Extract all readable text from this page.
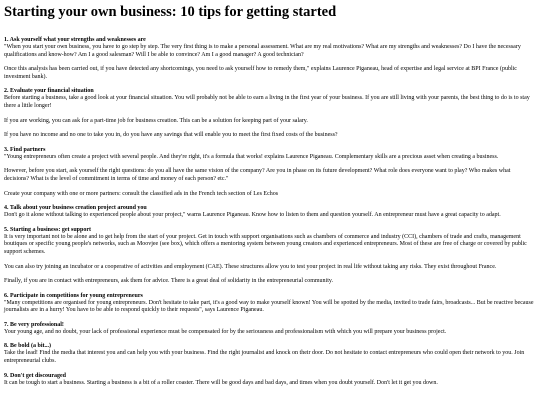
Starting your own business: 10 tips for getting started
1. Ask yourself what your strengths and weaknesses are

"When you start your own business, you have to go step by step. The very first thing is to make a personal assessment. What are my real motivations? What are my strengths and weaknesses? Do I have the necessary qualifications and know-how? Am I a good salesman? Will I be able to convince? Am I a good manager? A good technician?

Once this analysis has been carried out, if you have detected any shortcomings, you need to ask yourself how to remedy them," explains Laurence Piganeau, head of expertise and legal service at BPI France (public investment bank).

2. Evaluate your financial situation

Before starting a business, take a good look at your financial situation. You will probably not be able to earn a living in the first year of your business. If you are still living with your parents, the best thing to do is to stay there a little longer!

If you are working, you can ask for a part-time job for business creation. This can be a solution for keeping part of your salary.

If you have no income and no one to take you in, do you have any savings that will enable you to meet the first fixed costs of the business?

3. Find partners

"Young entrepreneurs often create a project with several people. And they're right, it's a formula that works! explains Laurence Piganeau. Complementary skills are a precious asset when creating a business.

However, before you start, ask yourself the right questions: do you all have the same vision of the company? Are you in phase on its future development? What role does everyone want to play? Who makes what decisions? What is the level of commitment in terms of time and money of each person? etc."

Create your company with one or more partners: consult the classified ads in the French tech section of Les Echos

4. Talk about your business creation project around you

Don't go it alone without talking to experienced people about your project," warns Laurence Piganeau. Know how to listen to them and question yourself. An entrepreneur must have a great capacity to adapt.

5. Starting a business: get support

It is very important not to be alone and to get help from the start of your project. Get in touch with support organisations such as chambers of commerce and industry (CCI), chambers of trade and crafts, management boutiques or specific young people's networks, such as Moovjee (see box), which offers a mentoring system between young creators and experienced entrepreneurs. Most of these are free of charge or covered by public support schemes.

You can also try joining an incubator or a cooperative of activities and employment (CAE). These structures allow you to test your project in real life without taking any risks. They exist throughout France.

Finally, if you are in contact with entrepreneurs, ask them for advice. There is a great deal of solidarity in the entrepreneurial community.

6. Participate in competitions for young entrepreneurs

"Many competitions are organised for young entrepreneurs. Don't hesitate to take part, it's a good way to make yourself known! You will be spotted by the media, invited to trade fairs, broadcasts... But be reactive because journalists are in a hurry! You have to be able to respond quickly to their requests", says Laurence Piganeau.

7. Be very professional!

Your young age, and no doubt, your lack of professional experience must be compensated for by the seriousness and professionalism with which you will prepare your business project.

8. Be bold (a bit...)

Take the lead! Find the media that interest you and can help you with your business. Find the right journalist and knock on their door. Do not hesitate to contact entrepreneurs who could open their network to you. Join entrepreneurial clubs.

9. Don't get discouraged

It can be tough to start a business. Starting a business is a bit of a roller coaster. There will be good days and bad days, and times when you doubt yourself. Don't let it get you down.
